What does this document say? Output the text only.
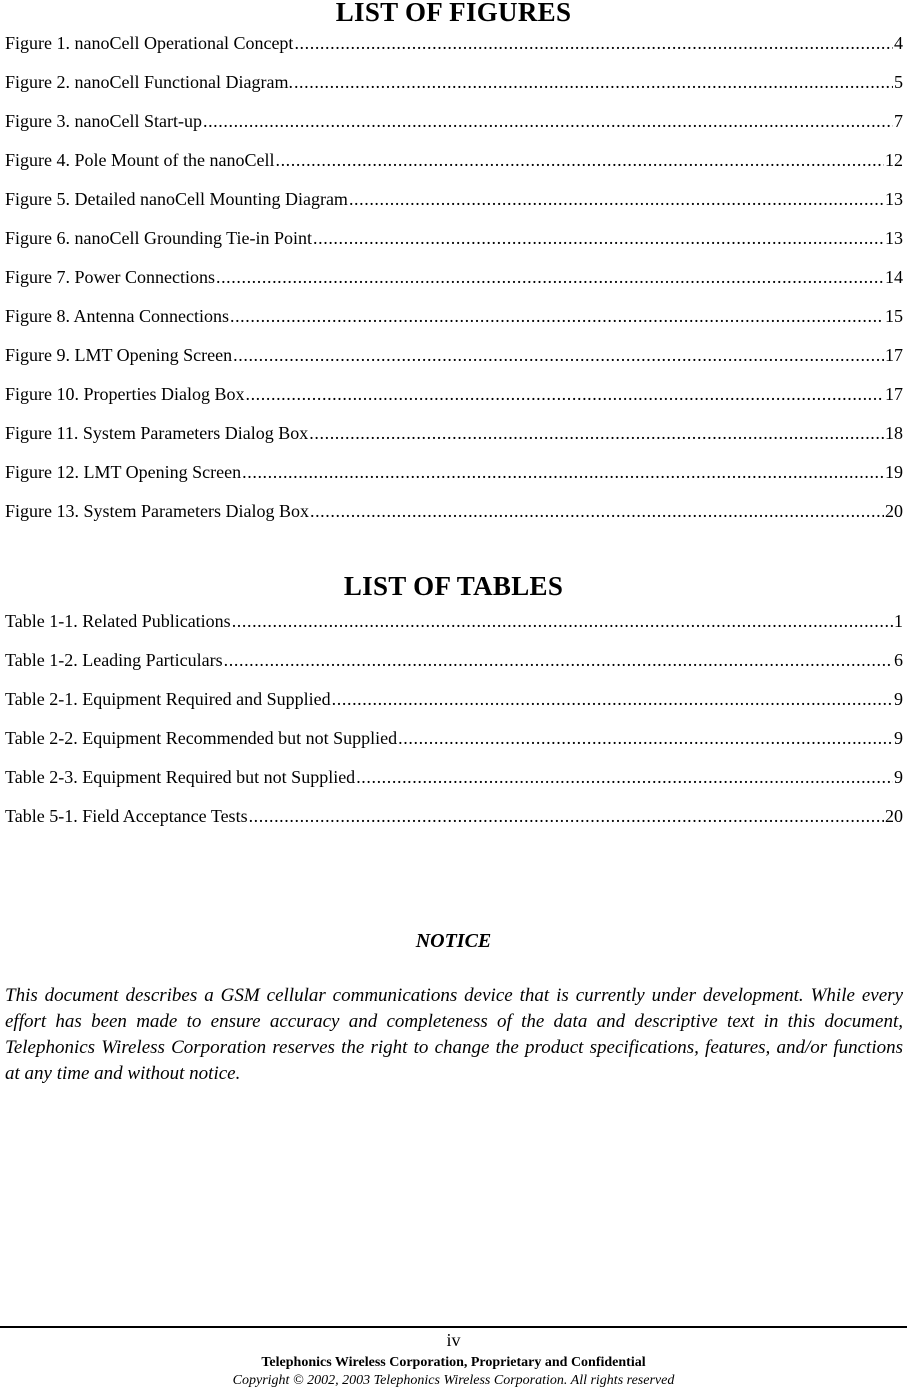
LIST OF FIGURES
Figure 1. nanoCell Operational Concept .....	4
Figure 2. nanoCell Functional Diagram. .....	5
Figure 3. nanoCell Start-up .....	7
Figure 4. Pole Mount of the nanoCell .....	12
Figure 5. Detailed nanoCell Mounting Diagram .....	13
Figure 6. nanoCell Grounding Tie-in Point .....	13
Figure 7. Power Connections .....	14
Figure 8. Antenna Connections .....	15
Figure 9. LMT Opening Screen .....	17
Figure 10. Properties Dialog Box .....	17
Figure 11. System Parameters Dialog Box .....	18
Figure 12. LMT Opening Screen .....	19
Figure 13. System Parameters Dialog Box .....	20
LIST OF TABLES
Table 1-1. Related Publications .....	1
Table 1-2. Leading Particulars .....	6
Table 2-1. Equipment Required and Supplied .....	9
Table 2-2. Equipment Recommended but not Supplied .....	9
Table 2-3. Equipment Required but not Supplied .....	9
Table 5-1. Field Acceptance Tests .....	20
NOTICE
This document describes a GSM cellular communications device that is currently under development. While every effort has been made to ensure accuracy and completeness of the data and descriptive text in this document, Telephonics Wireless Corporation reserves the right to change the product specifications, features, and/or functions at any time and without notice.
iv
Telephonics Wireless Corporation, Proprietary and Confidential
Copyright © 2002, 2003 Telephonics Wireless Corporation. All rights reserved
